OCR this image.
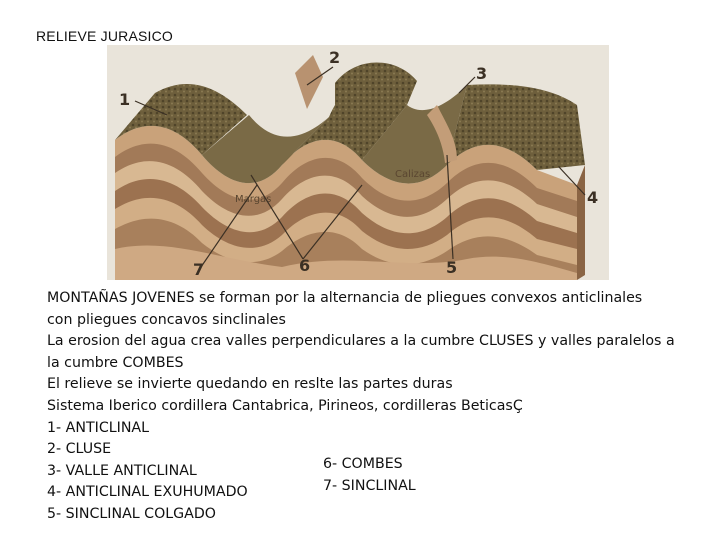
RELIEVE JURASICO
Margas
Calizas
1
2
3
4
5
6
7
MONTAÑAS JOVENES se forman por la alternancia de pliegues convexos anticlinales
con pliegues concavos sinclinales
La erosion del agua crea valles perpendiculares a la cumbre CLUSES y valles paralelos a
la cumbre COMBES
El relieve se invierte quedando en reslte las partes duras
Sistema Iberico cordillera Cantabrica, Pirineos, cordilleras BeticasÇ
1- ANTICLINAL
2- CLUSE
3- VALLE ANTICLINAL
4- ANTICLINAL EXUHUMADO
5- SINCLINAL COLGADO
6- COMBES
7- SINCLINAL
